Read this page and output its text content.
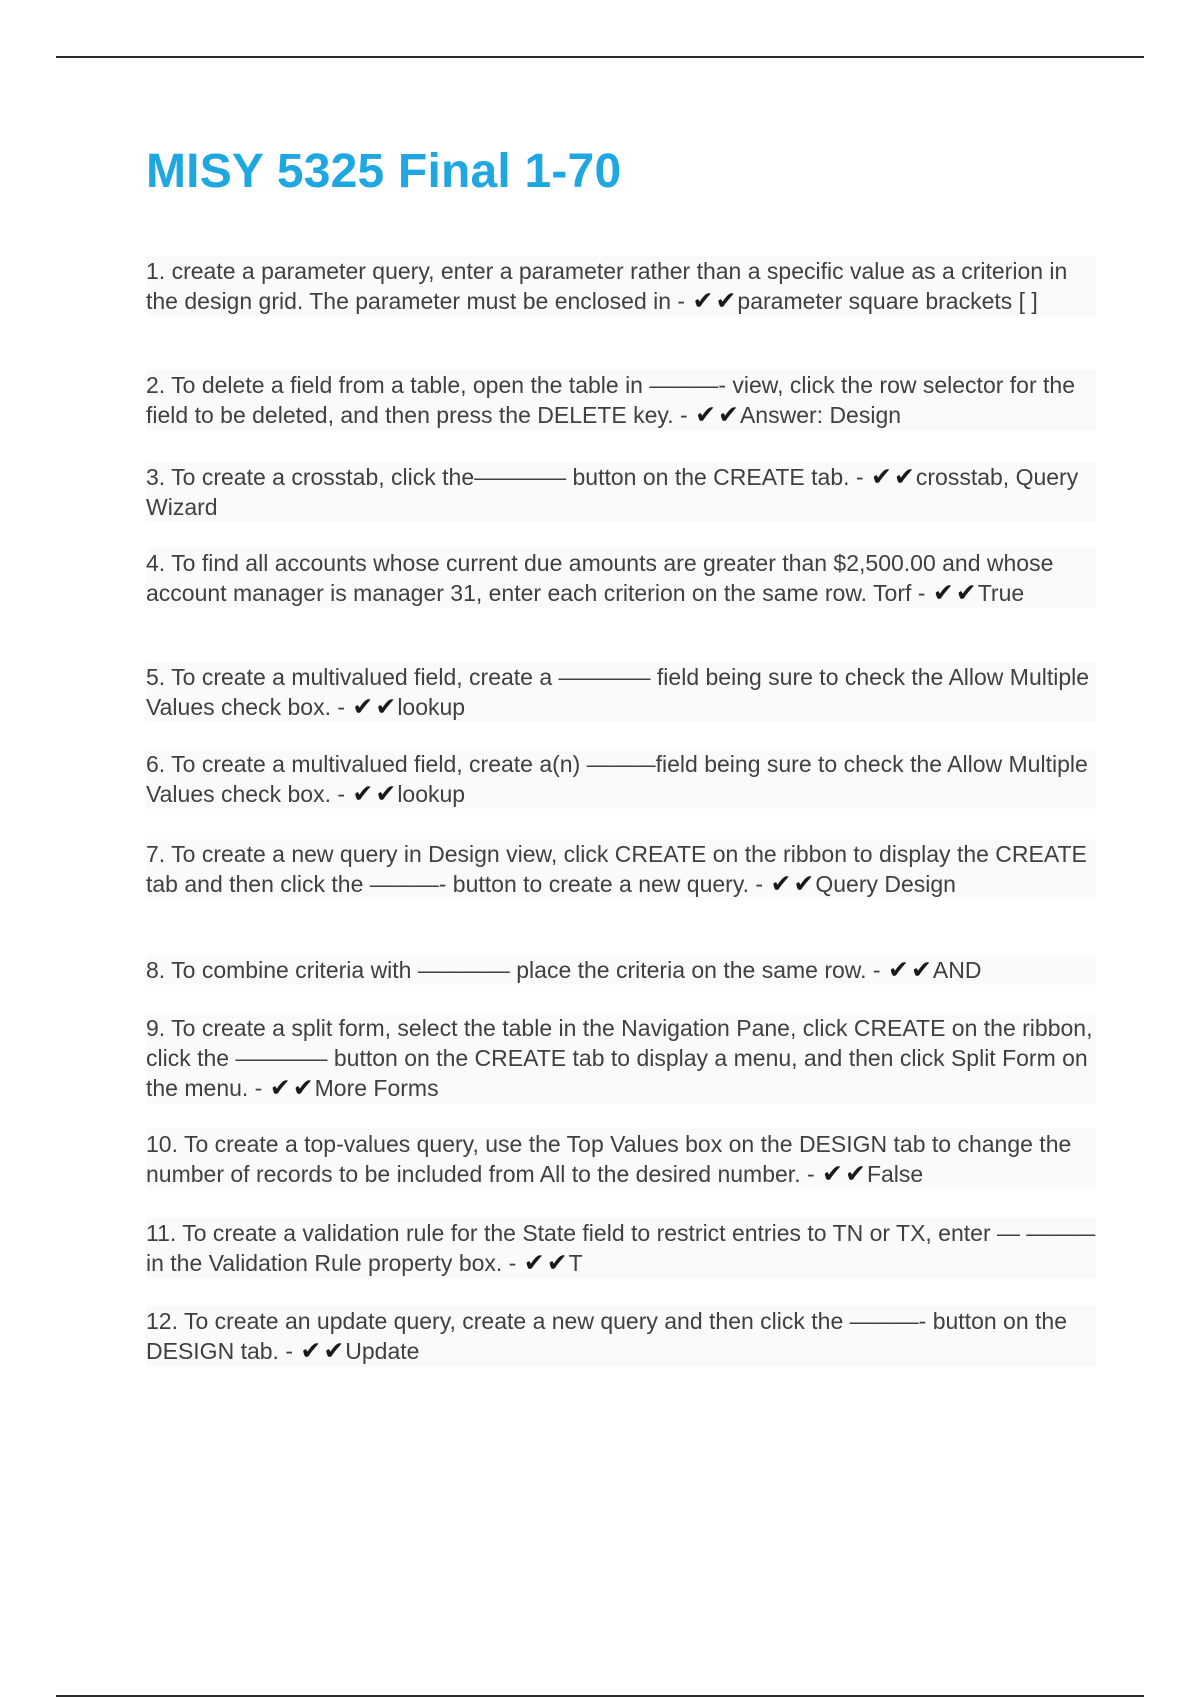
MISY 5325 Final 1-70

1. create a parameter query, enter a parameter rather than a specific value as a criterion in the design grid. The parameter must be enclosed in - ✔✔parameter square brackets [ ]

2. To delete a field from a table, open the table in ———- view, click the row selector for the field to be deleted, and then press the DELETE key. - ✔✔Answer: Design

3. To create a crosstab, click the———— button on the CREATE tab. - ✔✔crosstab, Query Wizard

4. To find all accounts whose current due amounts are greater than $2,500.00 and whose account manager is manager 31, enter each criterion on the same row. Torf - ✔✔True

5. To create a multivalued field, create a ———— field being sure to check the Allow Multiple Values check box. - ✔✔lookup

6. To create a multivalued field, create a(n) ———field being sure to check the Allow Multiple Values check box. - ✔✔lookup

7. To create a new query in Design view, click CREATE on the ribbon to display the CREATE tab and then click the ———- button to create a new query. - ✔✔Query Design

8. To combine criteria with ———— place the criteria on the same row. - ✔✔AND

9. To create a split form, select the table in the Navigation Pane, click CREATE on the ribbon, click the ———— button on the CREATE tab to display a menu, and then click Split Form on the menu. - ✔✔More Forms

10. To create a top-values query, use the Top Values box on the DESIGN tab to change the number of records to be included from All to the desired number. - ✔✔False

11. To create a validation rule for the State field to restrict entries to TN or TX, enter — ———in the Validation Rule property box. - ✔✔T

12. To create an update query, create a new query and then click the ———- button on the DESIGN tab. - ✔✔Update
